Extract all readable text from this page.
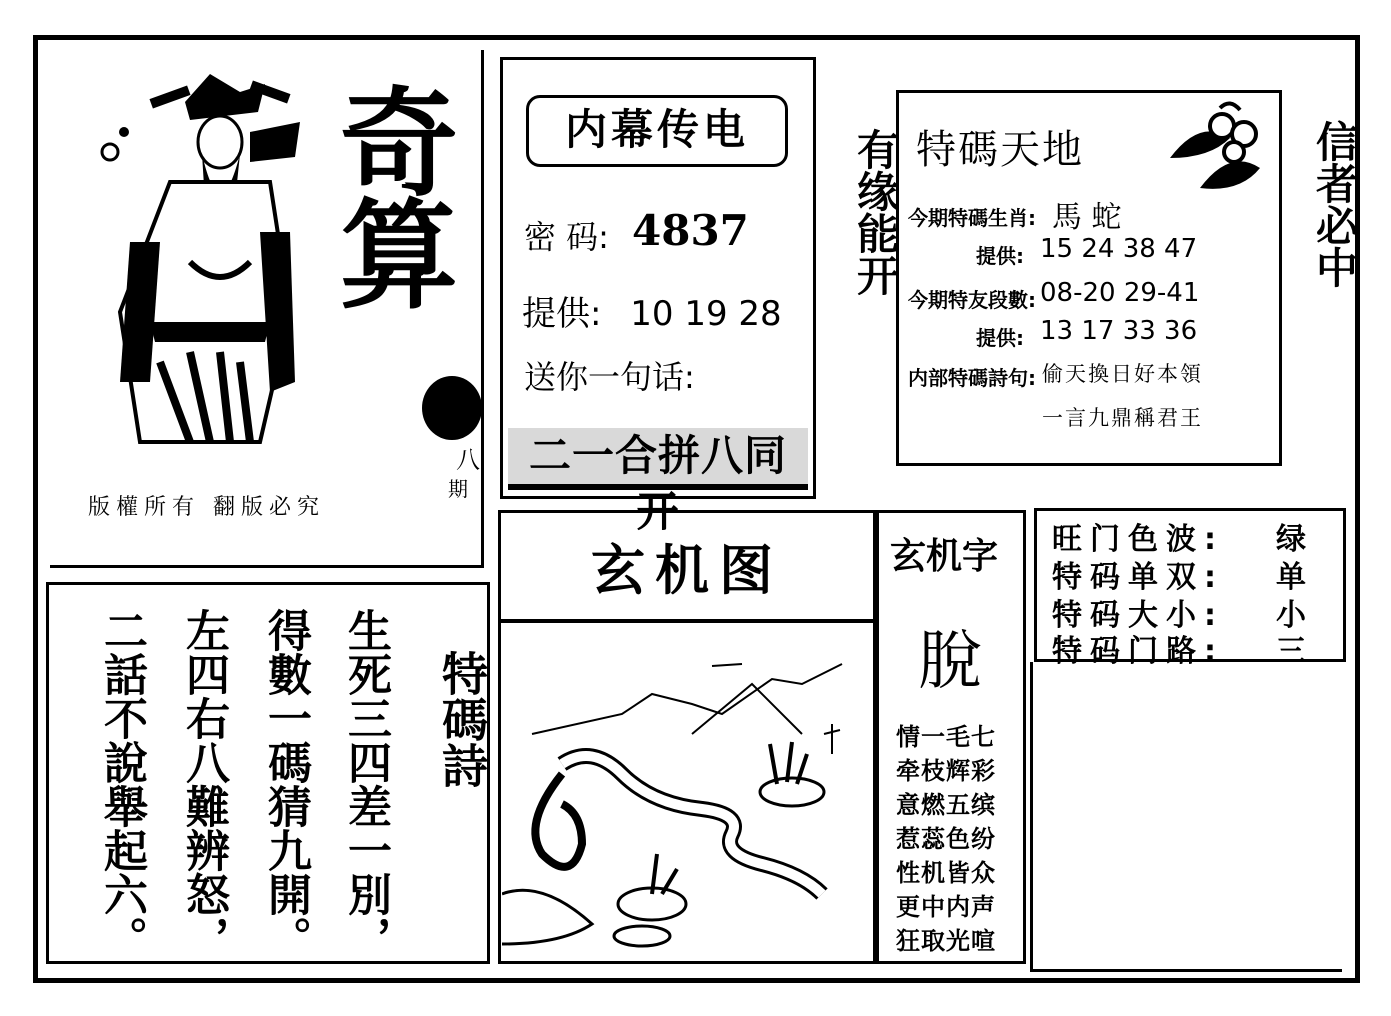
奇算
八
期
版權所有 翻版必究
内幕传电
密 码: 4837
提供: 10 19 28
送你一句话:
二一合拼八同开
有缘能开	信者必中
特碼天地
今期特碼生肖: 馬 蛇
提供: 15 24 38 47
今期特友段數: 08-20 29-41
提供: 13 17 33 36
内部特碼詩句: 偷天換日好本領
一言九鼎稱君王
玄机图	玄机字
脫
情一毛七
牵枝辉彩
意燃五缤
惹蕊色纷
性机皆众
更中内声
狂取光喧
旺门色波: 绿
特码单双: 单
特码大小: 小
特码门路: 三
特碼詩
生死三四差一別，
得數一碼猜九開。
左四右八難辨怒，
二話不說舉起六。
